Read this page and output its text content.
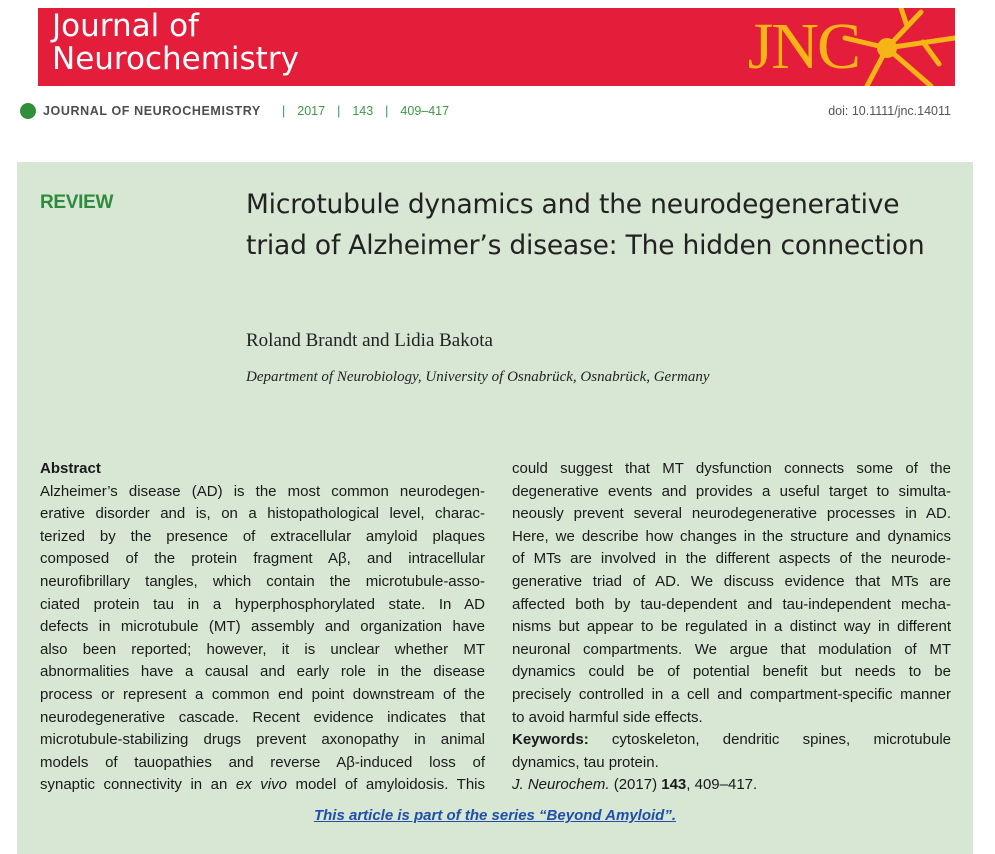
Journal of
Neurochemistry	JNC
JOURNAL OF NEUROCHEMISTRY | 2017 | 143 | 409–417	doi: 10.1111/jnc.14011
REVIEW	Microtubule dynamics and the neurodegenerative
triad of Alzheimer’s disease: The hidden connection
Roland Brandt and Lidia Bakota
Department of Neurobiology, University of Osnabrück, Osnabrück, Germany
Abstract
Alzheimer’s disease (AD) is the most common neurodegen-
erative disorder and is, on a histopathological level, charac-
terized by the presence of extracellular amyloid plaques
composed of the protein fragment Aβ, and intracellular
neurofibrillary tangles, which contain the microtubule-asso-
ciated protein tau in a hyperphosphorylated state. In AD
defects in microtubule (MT) assembly and organization have
also been reported; however, it is unclear whether MT
abnormalities have a causal and early role in the disease
process or represent a common end point downstream of the
neurodegenerative cascade. Recent evidence indicates that
microtubule-stabilizing drugs prevent axonopathy in animal
models of tauopathies and reverse Aβ-induced loss of
synaptic connectivity in an ex vivo model of amyloidosis. This
could suggest that MT dysfunction connects some of the
degenerative events and provides a useful target to simulta-
neously prevent several neurodegenerative processes in AD.
Here, we describe how changes in the structure and dynamics
of MTs are involved in the different aspects of the neurode-
generative triad of AD. We discuss evidence that MTs are
affected both by tau-dependent and tau-independent mecha-
nisms but appear to be regulated in a distinct way in different
neuronal compartments. We argue that modulation of MT
dynamics could be of potential benefit but needs to be
precisely controlled in a cell and compartment-specific manner
to avoid harmful side effects.
Keywords: cytoskeleton, dendritic spines, microtubule
dynamics, tau protein.
J. Neurochem. (2017) 143, 409–417.
This article is part of the series “Beyond Amyloid”.
